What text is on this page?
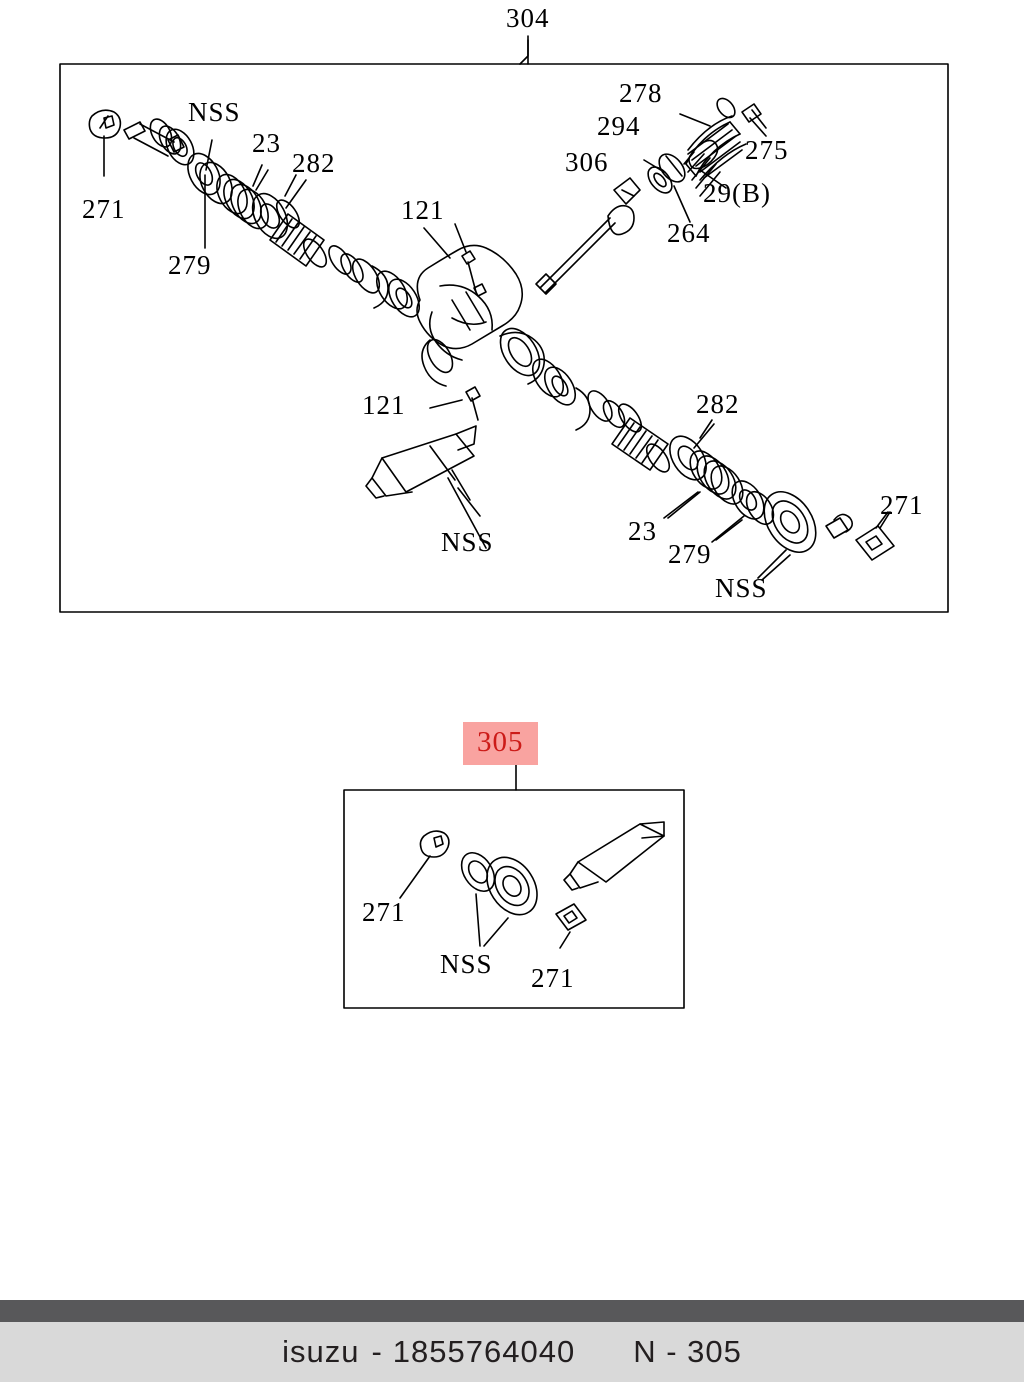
304
271
NSS
279
23
282
121
121
NSS
278
294
306	275
29(B)
264
282
23
279
NSS
271
305
271
NSS 271
isuzu - 1855764040 N - 305
